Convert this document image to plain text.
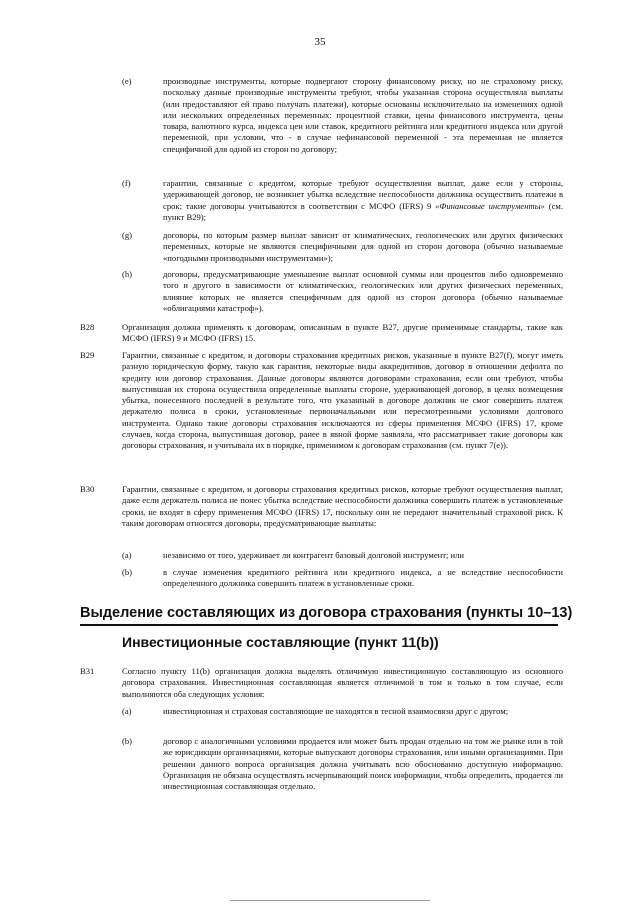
35
(e)	производные инструменты, которые подвергают сторону финансовому риску, но не страховому риску, поскольку данные производные инструменты требуют, чтобы указанная сторона осуществляла выплаты (или предоставляют ей право получать платежи), которые основаны исключительно на изменениях одной или нескольких определенных переменных: процентной ставки, цены финансового инструмента, цены товара, валютного курса, индекса цен или ставок, кредитного рейтинга или кредитного индекса или другой переменной, при условии, что - в случае нефинансовой переменной - эта переменная не является специфичной для одной из сторон по договору;
(f)	гарантии, связанные с кредитом, которые требуют осуществления выплат, даже если у стороны, удерживающей договор, не возникнет убытка вследствие неспособности должника осуществить платежи в срок; такие договоры учитываются в соответствии с МСФО (IFRS) 9 «Финансовые инструменты» (см. пункт B29);
(g)	договоры, по которым размер выплат зависит от климатических, геологических или других физических переменных, которые не являются специфичными для одной из сторон договора (обычно называемые «погодными производными инструментами»);
(h)	договоры, предусматривающие уменьшение выплат основной суммы или процентов либо одновременно того и другого в зависимости от климатических, геологических или других физических переменных, влияние которых не является специфичным для одной из сторон договора (обычно называемые «облигациями катастроф»).
B28	Организация должна применять к договорам, описанным в пункте B27, другие применимые стандарты, такие как МСФО (IFRS) 9 и МСФО (IFRS) 15.
B29	Гарантии, связанные с кредитом, и договоры страхования кредитных рисков, указанные в пункте B27(f), могут иметь разную юридическую форму, такую как гарантия, некоторые виды аккредитивов, договор в отношении дефолта по кредиту или договор страхования. Данные договоры являются договорами страхования, если они требуют, чтобы выпустившая их сторона осуществила определенные выплаты стороне, удерживающей договор, в целях возмещения убытка, понесенного последней в результате того, что указанный в договоре должник не смог совершить платеж держателю полиса в сроки, установленные первоначальными или пересмотренными условиями долгового инструмента. Однако такие договоры страхования исключаются из сферы применения МСФО (IFRS) 17, кроме случаев, когда сторона, выпустившая договор, ранее в явной форме заявляла, что рассматривает такие договоры как договоры страхования, и учитывала их в порядке, применимом к договорам страхования (см. пункт 7(e)).
B30	Гарантии, связанные с кредитом, и договоры страхования кредитных рисков, которые требуют осуществления выплат, даже если держатель полиса не понес убытка вследствие неспособности должника совершить платеж в установленные сроки, не входят в сферу применения МСФО (IFRS) 17, поскольку они не передают значительный страховой риск. К таким договорам относятся договоры, предусматривающие выплаты:
(a)	независимо от того, удерживает ли контрагент базовый долговой инструмент; или
(b)	в случае изменения кредитного рейтинга или кредитного индекса, а не вследствие неспособности определенного должника совершить платеж в установленные сроки.
Выделение составляющих из договора страхования (пункты 10–13)
Инвестиционные составляющие (пункт 11(b))
B31	Согласно пункту 11(b) организация должна выделять отличимую инвестиционную составляющую из основного договора страхования. Инвестиционная составляющая является отличимой в том и только в том случае, если выполняются оба следующих условия:
(a)	инвестиционная и страховая составляющие не находятся в тесной взаимосвязи друг с другом;
(b)	договор с аналогичными условиями продается или может быть продан отдельно на том же рынке или в той же юрисдикции организациями, которые выпускают договоры страхования, или иными организациями. При решении данного вопроса организация должна учитывать всю обоснованно доступную информацию. Организация не обязана осуществлять исчерпывающий поиск информации, чтобы определить, продается ли инвестиционная составляющая отдельно.
